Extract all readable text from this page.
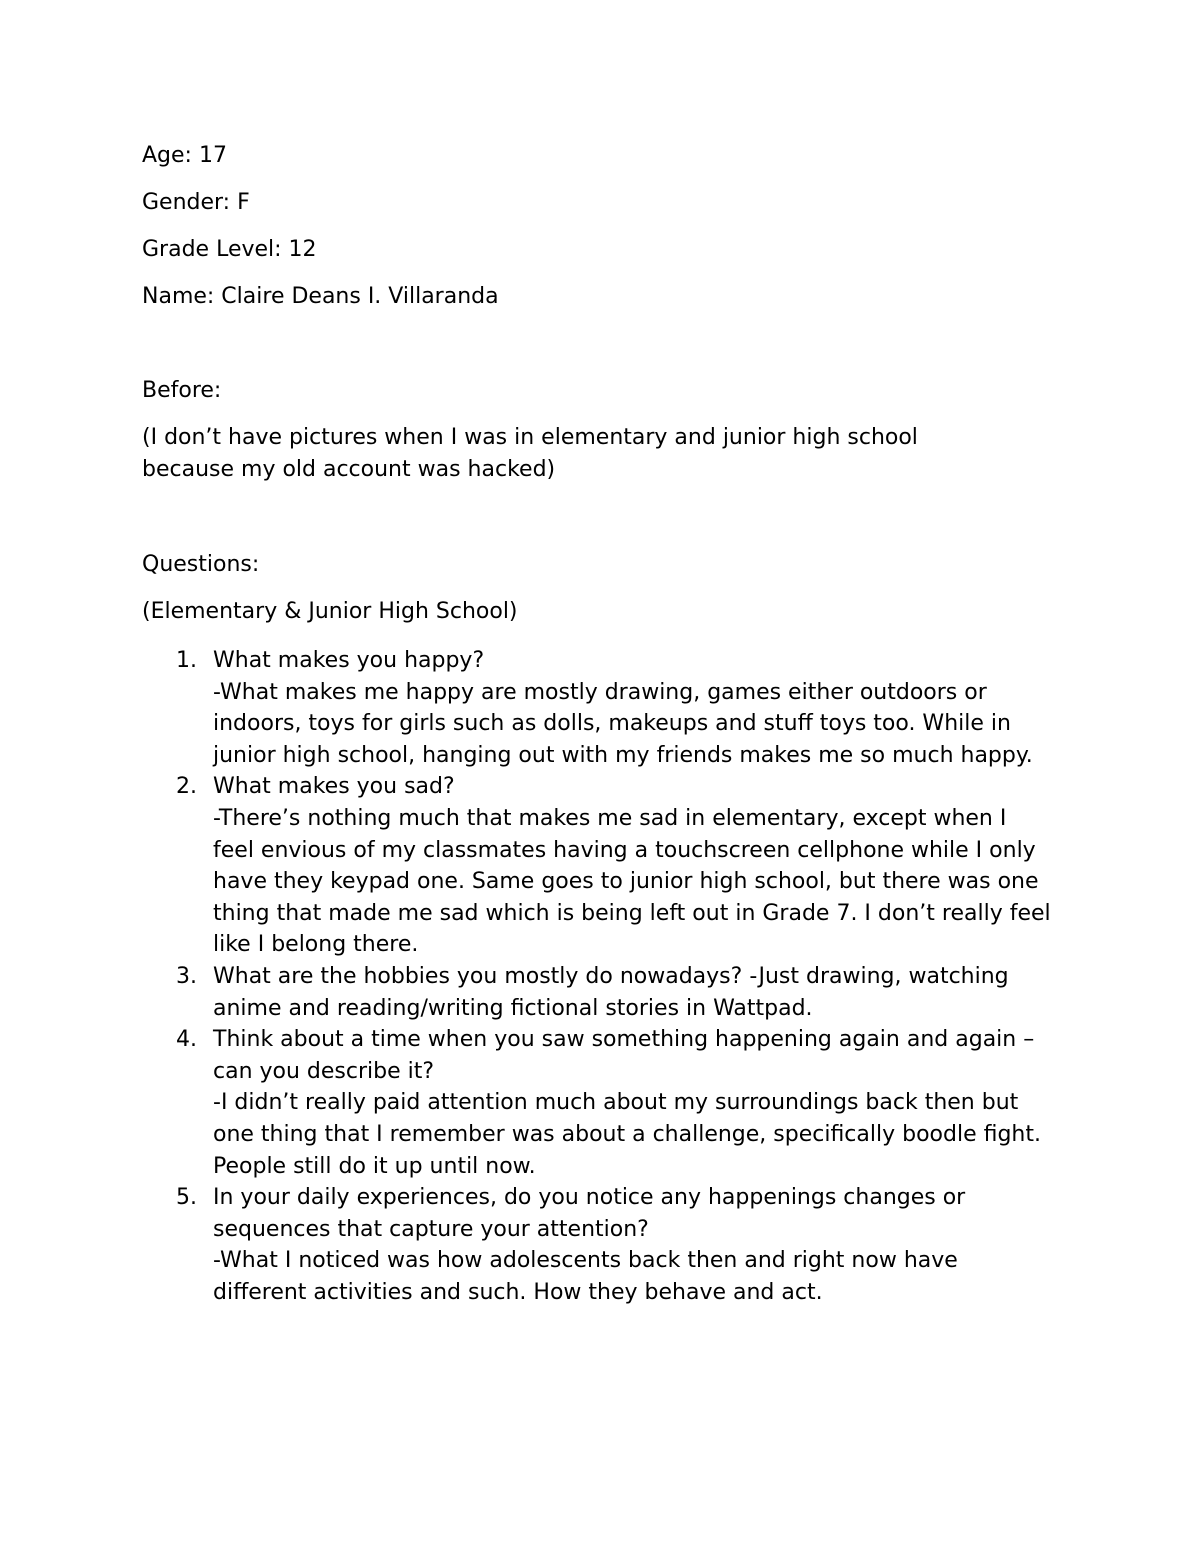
Age: 17
Gender: F
Grade Level: 12
Name: Claire Deans I. Villaranda
Before:
(I don’t have pictures when I was in elementary and junior high school
because my old account was hacked)
Questions:
(Elementary & Junior High School)
1. What makes you happy?
-What makes me happy are mostly drawing, games either outdoors or indoors, toys for girls such as dolls, makeups and stuff toys too. While in junior high school, hanging out with my friends makes me so much happy.
2. What makes you sad?
-There’s nothing much that makes me sad in elementary, except when I feel envious of my classmates having a touchscreen cellphone while I only have they keypad one. Same goes to junior high school, but there was one thing that made me sad which is being left out in Grade 7. I don’t really feel like I belong there.
3. What are the hobbies you mostly do nowadays? -Just drawing, watching anime and reading/writing fictional stories in Wattpad.
4. Think about a time when you saw something happening again and again – can you describe it?
-I didn’t really paid attention much about my surroundings back then but one thing that I remember was about a challenge, specifically boodle fight. People still do it up until now.
5. In your daily experiences, do you notice any happenings changes or sequences that capture your attention?
-What I noticed was how adolescents back then and right now have different activities and such. How they behave and act.
